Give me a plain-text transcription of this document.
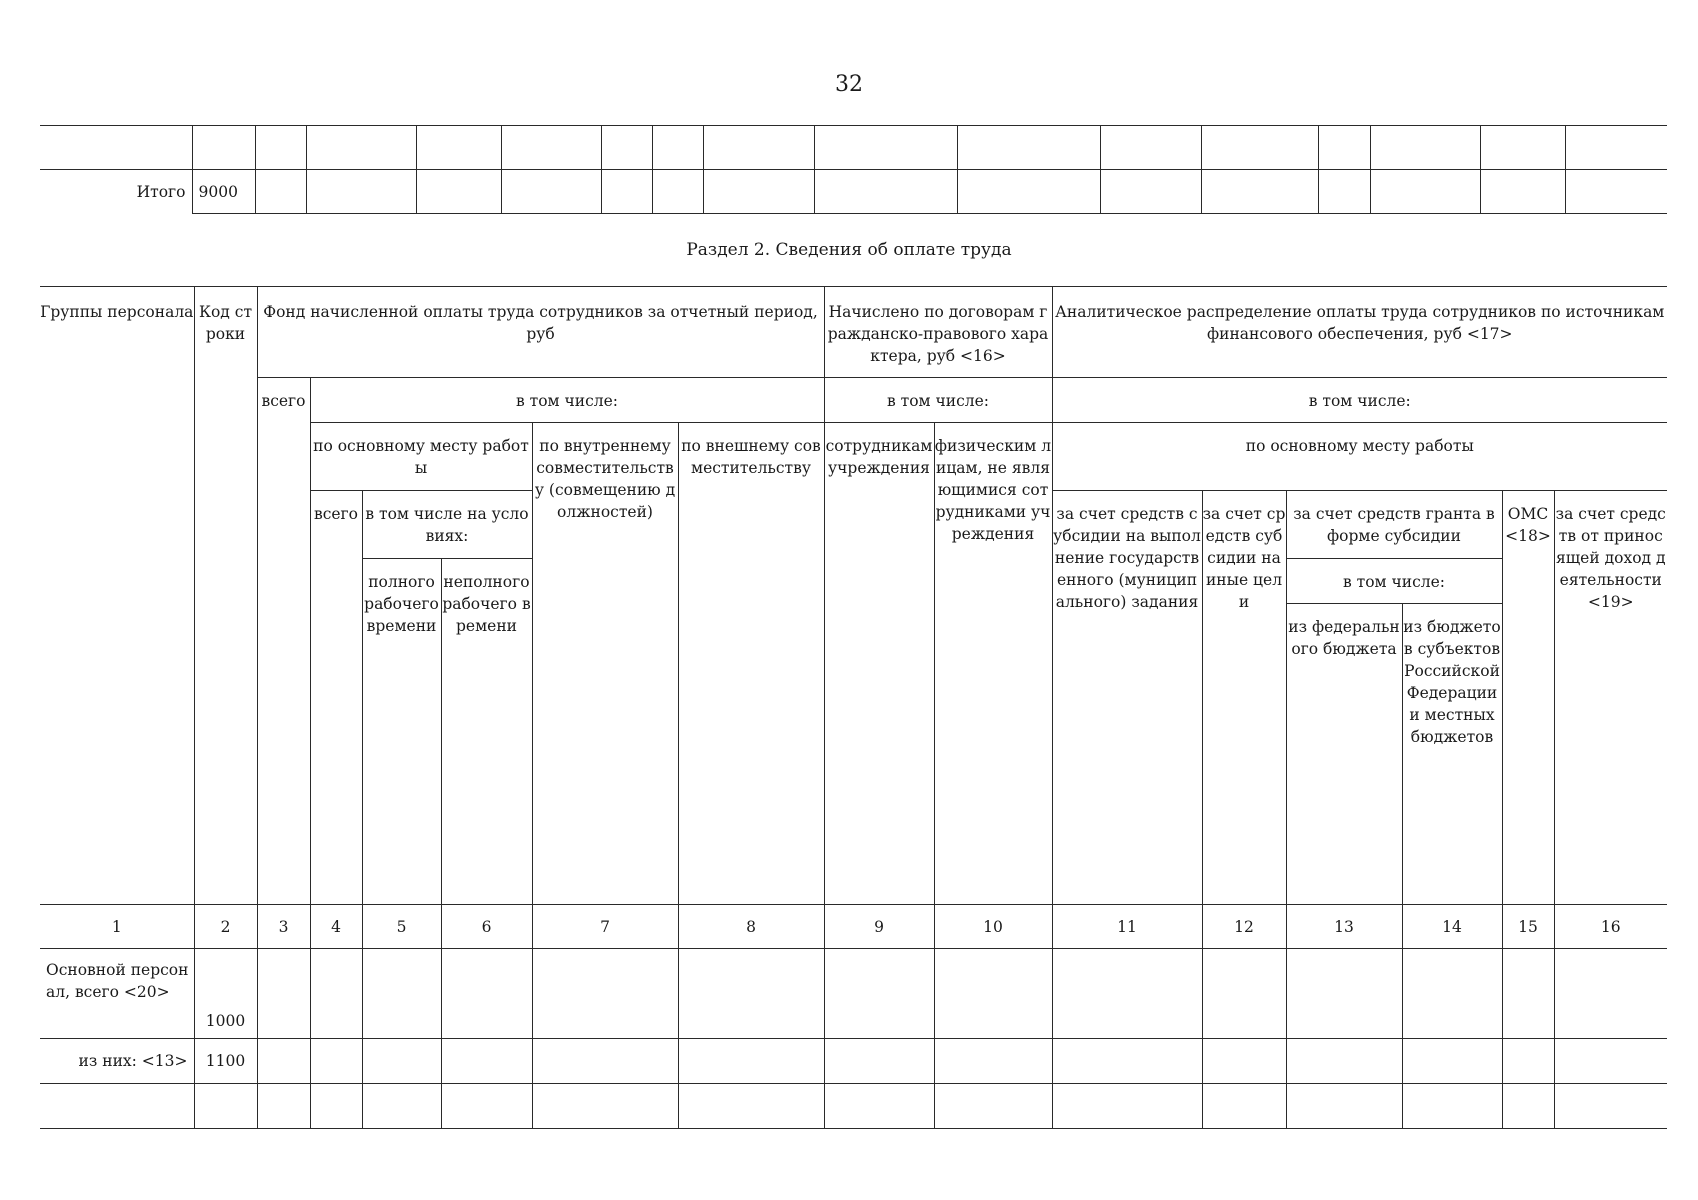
32

Итого	9000															
Раздел 2. Сведения об оплате труда
Группы персонала	Код строки	Фонд начисленной оплаты труда сотрудников за отчетный период, руб						Начислено по договорам гражданско-правового характера, руб <16>		Аналитическое распределение оплаты труда сотрудников по источникам финансового обеспечения, руб <17>					
		всего	в том числе:					в том числе:		в том числе:					
			по основному месту работы			по внутреннему совместительству (совмещению должностей)	по внешнему совместительству	сотрудникам учреждения	физическим лицам, не являющимися сотрудниками учреждения	по основному месту работы					
			всего	в том числе на условиях:						за счет средств субсидии на выполнение государственного (муниципального) задания	за счет средств субсидии на иные цели	за счет средств гранта в форме субсидии		ОМС <18>	за счет средств от приносящей доход деятельности <19>
				полного рабочего времени	неполного рабочего времени							в том числе:			
												из федерального бюджета	из бюджетов субъектов Российской Федерации и местных бюджетов		

1	2	3	4	5	6	7	8	9	10	11	12	13	14	15	16
Основной персонал, всего <20>	1000														
из них: <13>	1100														
